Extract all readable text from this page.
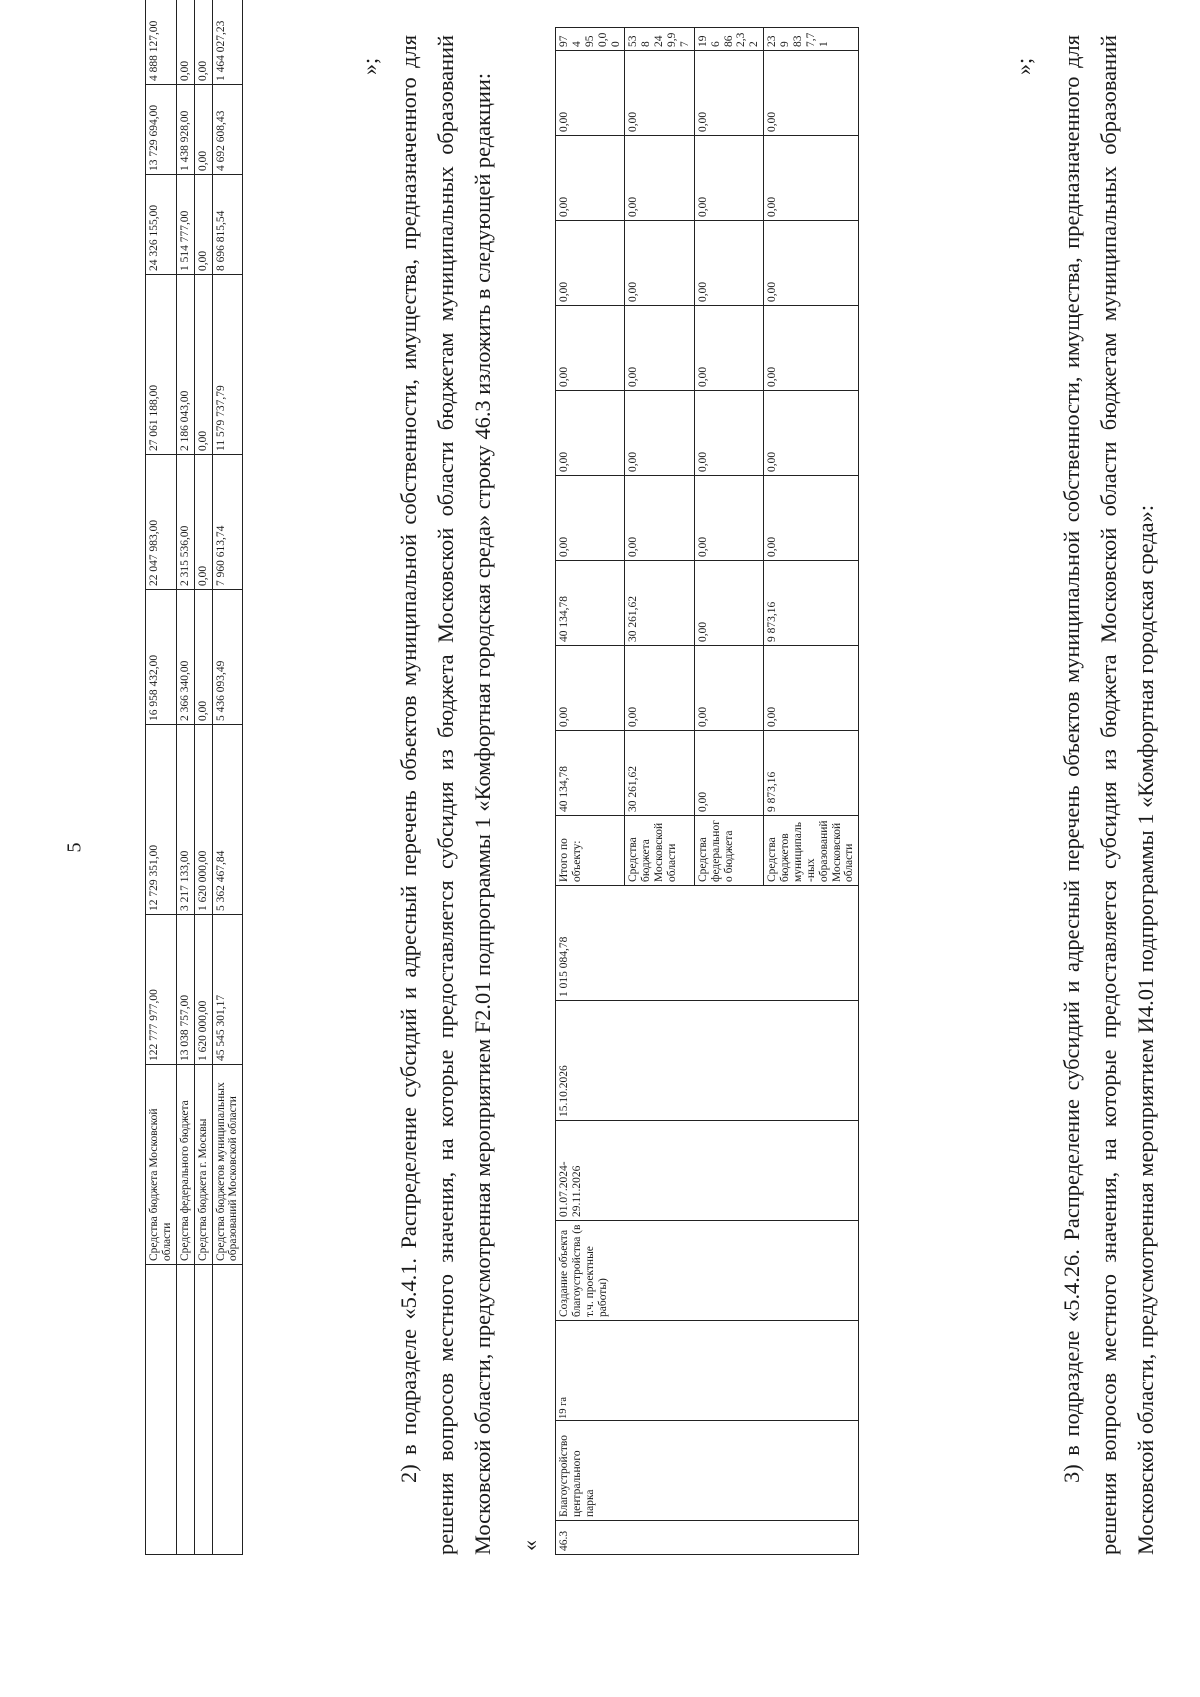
5
	Средства бюджета Московской области	122 777 977,00	12 729 351,00	16 958 432,00	22 047 983,00	27 061 188,00	24 326 155,00	13 729 694,00	4 888 127,00	
	Средства федерального бюджета	13 038 757,00	3 217 133,00	2 366 340,00	2 315 536,00	2 186 043,00	1 514 777,00	1 438 928,00	0,00	
	Средства бюджета г. Москвы	1 620 000,00	1 620 000,00	0,00	0,00	0,00	0,00	0,00	0,00	
	Средства бюджетов муниципальных образований Московской области	45 545 301,17	5 362 467,84	5 436 093,49	7 960 613,74	11 579 737,79	8 696 815,54	4 692 608,43	1 464 027,23		»; 2) в подразделе «5.4.1. Распределение субсидий и адресный перечень объектов муниципальной собственности, имущества, предназначенного для решения вопросов местного значения, на которые предоставляется субсидия из бюджета Московской области бюджетам муниципальных образований Московской области, предусмотренная мероприятием F2.01 подпрограммы 1 «Комфортная городская среда» строку 46.3 изложить в следующей редакции: « 46.3	Благоустройство центрального парка	19 га	Создание объекта благоустройства (в т.ч. проектные работы)	01.07.2024-29.11.2026	15.10.2026	1 015 084,78	Итого по объекту:	40 134,78	0,00	40 134,78	0,00	0,00	0,00	0,00	0,00	0,00	974 950,00
							Средства бюджета Московской области	30 261,62	0,00	30 261,62	0,00	0,00	0,00	0,00	0,00	0,00	538 249,97
							Средства федерального бюджета	0,00	0,00	0,00	0,00	0,00	0,00	0,00	0,00	0,00	196 862,32
							Средства бюджетов муниципаль-ных образований Московской области	9 873,16	0,00	9 873,16	0,00	0,00	0,00	0,00	0,00	0,00	239 837,71
»; 3) в подразделе «5.4.26. Распределение субсидий и адресный перечень объектов муниципальной собственности, имущества, предназначенного для решения вопросов местного значения, на которые предоставляется субсидия из бюджета Московской области бюджетам муниципальных образований Московской области, предусмотренная мероприятием И4.01 подпрограммы 1 «Комфортная городская среда»:
